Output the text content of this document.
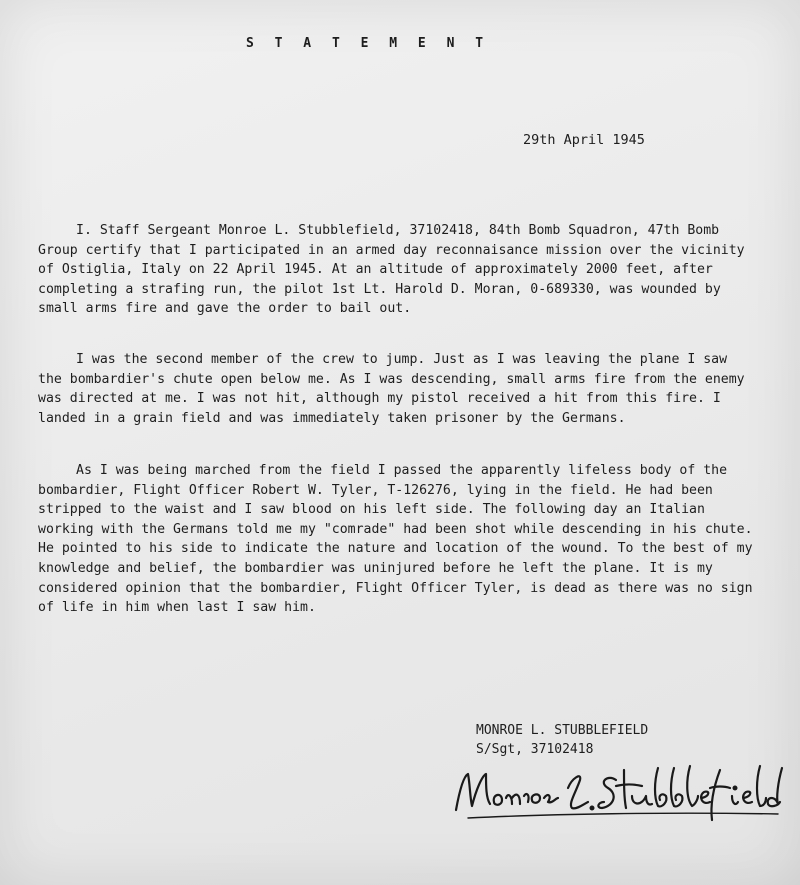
S T A T E M E N T
29th April 1945

I. Staff Sergeant Monroe L. Stubblefield, 37102418, 84th Bomb Squadron, 47th Bomb Group certify that I participated in an armed day reconnaisance mission over the vicinity of Ostiglia, Italy on 22 April 1945. At an altitude of approximately 2000 feet, after completing a strafing run, the pilot 1st Lt. Harold D. Moran, 0-689330, was wounded by small arms fire and gave the order to bail out.

I was the second member of the crew to jump. Just as I was leaving the plane I saw the bombardier's chute open below me. As I was descending, small arms fire from the enemy was directed at me. I was not hit, although my pistol received a hit from this fire. I landed in a grain field and was immediately taken prisoner by the Germans.

As I was being marched from the field I passed the apparently lifeless body of the bombardier, Flight Officer Robert W. Tyler, T-126276, lying in the field. He had been stripped to the waist and I saw blood on his left side. The following day an Italian working with the Germans told me my "comrade" had been shot while descending in his chute. He pointed to his side to indicate the nature and location of the wound. To the best of my knowledge and belief, the bombardier was uninjured before he left the plane. It is my considered opinion that the bombardier, Flight Officer Tyler, is dead as there was no sign of life in him when last I saw him.

MONROE L. STUBBLEFIELD
S/Sgt, 37102418
